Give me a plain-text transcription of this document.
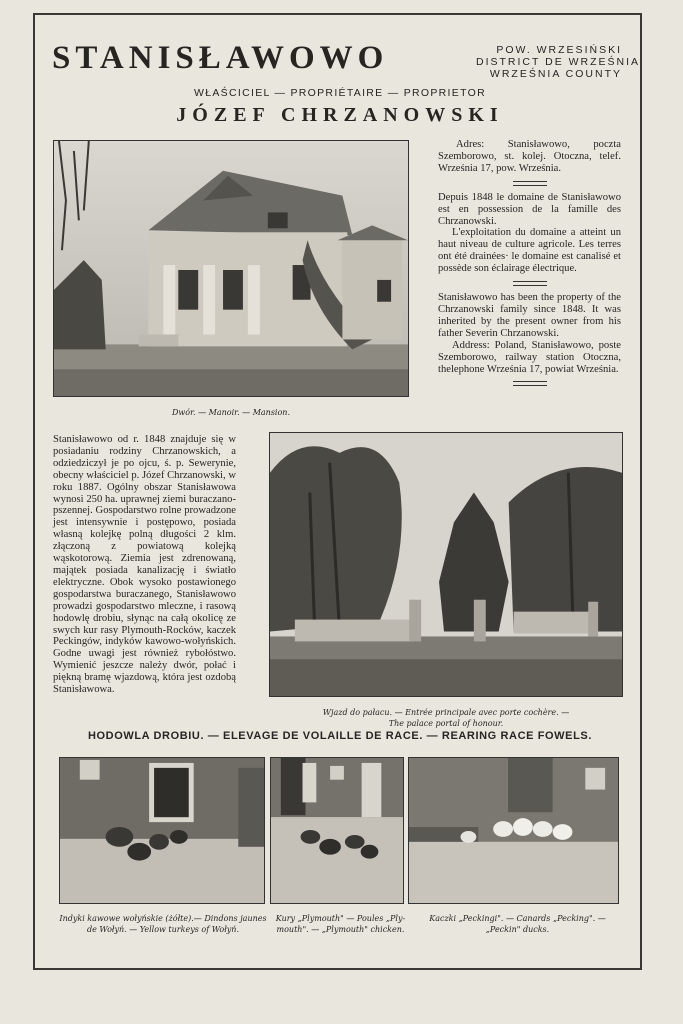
STANISŁAWOWO	POW. WRZESIŃSKI
DISTRICT DE WRZEŚNIA
WRZEŚNIA COUNTY
WŁAŚCICIEL — PROPRIÉTAIRE — PROPRIETOR
JÓZEF CHRZANOWSKI
Dwór. — Manoir. — Mansion.

Adres: Stanisławowo, poczta Szemborowo, st. kolej. Otoczna, telef. Września 17, pow. Września.

Depuis 1848 le domaine de Stanisławowo est en possession de la famille des Chrzanowski.

L'exploitation du domaine a atteint un haut niveau de culture agricole. Les terres ont été drainées· le domaine est canalisé et possède son éclairage électrique.

Stanisławowo has been the property of the Chrzanowski family since 1848. It was inherited by the present owner from his father Severin Chrzanowski.

Address: Poland, Stanisławowo, poste Szemborowo, railway station Otoczna, thelephone Września 17, powiat Września.

Stanisławowo od r. 1848 znajduje się w posiadaniu rodziny Chrzanowskich, a odziedziczył je po ojcu, ś. p. Sewerynie, obecny właściciel p. Józef Chrzanowski, w roku 1887. Ogólny obszar Stanisławowa wynosi 250 ha. uprawnej ziemi buraczano-pszennej. Gospodarstwo rolne prowadzone jest intensywnie i postępowo, posiada własną kolejkę polną długości 2 klm. złączoną z powiatową kolejką wąskotorową. Ziemia jest zdrenowaną, majątek posiada kanalizację i światło elektryczne. Obok wysoko postawionego gospodarstwa buraczanego, Stanisławowo prowadzi gospodarstwo mleczne, i rasową hodowlę drobiu, słynąc na całą okolicę ze swych kur rasy Plymouth-Rocków, kaczek Peckingów, indyków kawowo-wołyńskich. Godne uwagi jest również rybołóstwo. Wymienić jeszcze należy dwór, połać i piękną bramę wjazdową, która jest ozdobą Stanisławowa.
Wjazd do pałacu. — Entrée principale avec porte cochère. —
The palace portal of honour.
HODOWLA DROBIU. — ELEVAGE DE VOLAILLE DE RACE. — REARING RACE FOWELS.
Indyki kawowe wołyńskie (żółte).— Dindons jaunes
de Wołyń. — Yellow turkeys of Wołyń.
Kury „Plymouth" — Poules „Ply-
mouth". — „Plymouth" chicken.
Kaczki „Peckingi". — Canards „Pecking". —
„Peckin" ducks.
